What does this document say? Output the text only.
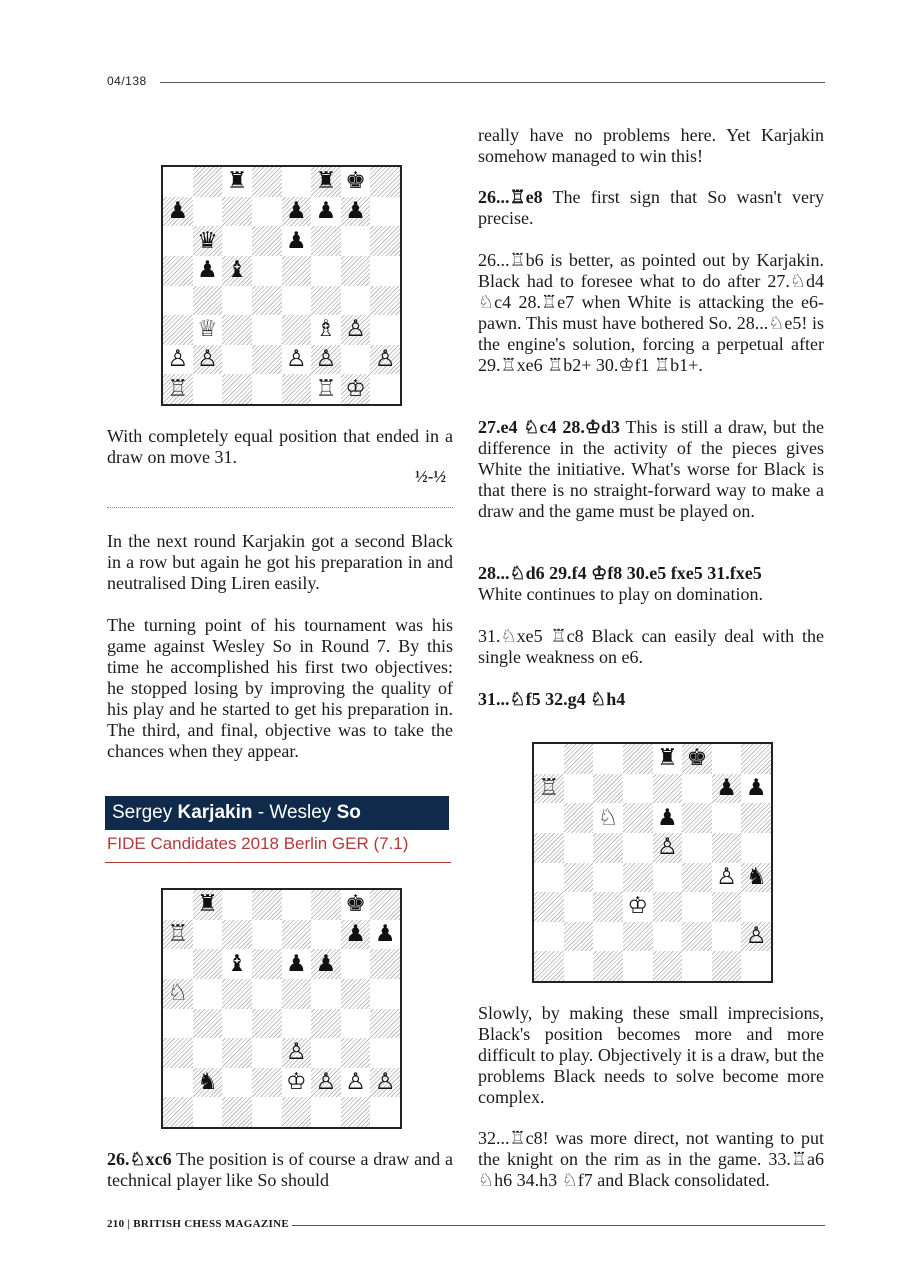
04/138
♜	♜ ♚
♟	♟ ♟ ♟
♛	♟
♟ ♝
♕	♗ ♙
♙ ♙	♙ ♙ ♙
♖	♖ ♔

With completely equal position that ended in a draw on move 31.

½-½

In the next round Karjakin got a second Black in a row but again he got his preparation in and neutralised Ding Liren easily.

The turning point of his tournament was his game against Wesley So in Round 7. By this time he accomplished his first two objectives: he stopped losing by improving the quality of his play and he started to get his preparation in. The third, and final, objective was to take the chances when they appear.

Sergey Karjakin - Wesley So
FIDE Candidates 2018 Berlin GER (7.1)
♜	♚
♖	♟ ♟
♝ ♟ ♟
♘
♙
♞	♔ ♙ ♙ ♙

26.♘xc6 The position is of course a draw and a technical player like So should

really have no problems here. Yet Karjakin somehow managed to win this!

26...♖e8 The first sign that So wasn't very precise.

26...♖b6 is better, as pointed out by Karjakin. Black had to foresee what to do after 27.♘d4 ♘c4 28.♖e7 when White is attacking the e6-pawn. This must have bothered So. 28...♘e5! is the engine's solution, forcing a perpetual after 29.♖xe6 ♖b2+ 30.♔f1 ♖b1+.

27.e4 ♘c4 28.♔d3 This is still a draw, but the difference in the activity of the pieces gives White the initiative. What's worse for Black is that there is no straight-forward way to make a draw and the game must be played on.

28...♘d6 29.f4 ♔f8 30.e5 fxe5 31.fxe5
White continues to play on domination.

31.♘xe5 ♖c8 Black can easily deal with the single weakness on e6.

31...♘f5 32.g4 ♘h4

♜ ♚
♖	♟ ♟
♘ ♟
♙
♙ ♞
♔
♙

Slowly, by making these small imprecisions, Black's position becomes more and more difficult to play. Objectively it is a draw, but the problems Black needs to solve become more complex.

32...♖c8! was more direct, not wanting to put the knight on the rim as in the game. 33.♖a6 ♘h6 34.h3 ♘f7 and Black consolidated.

210 | BRITISH CHESS MAGAZINE
